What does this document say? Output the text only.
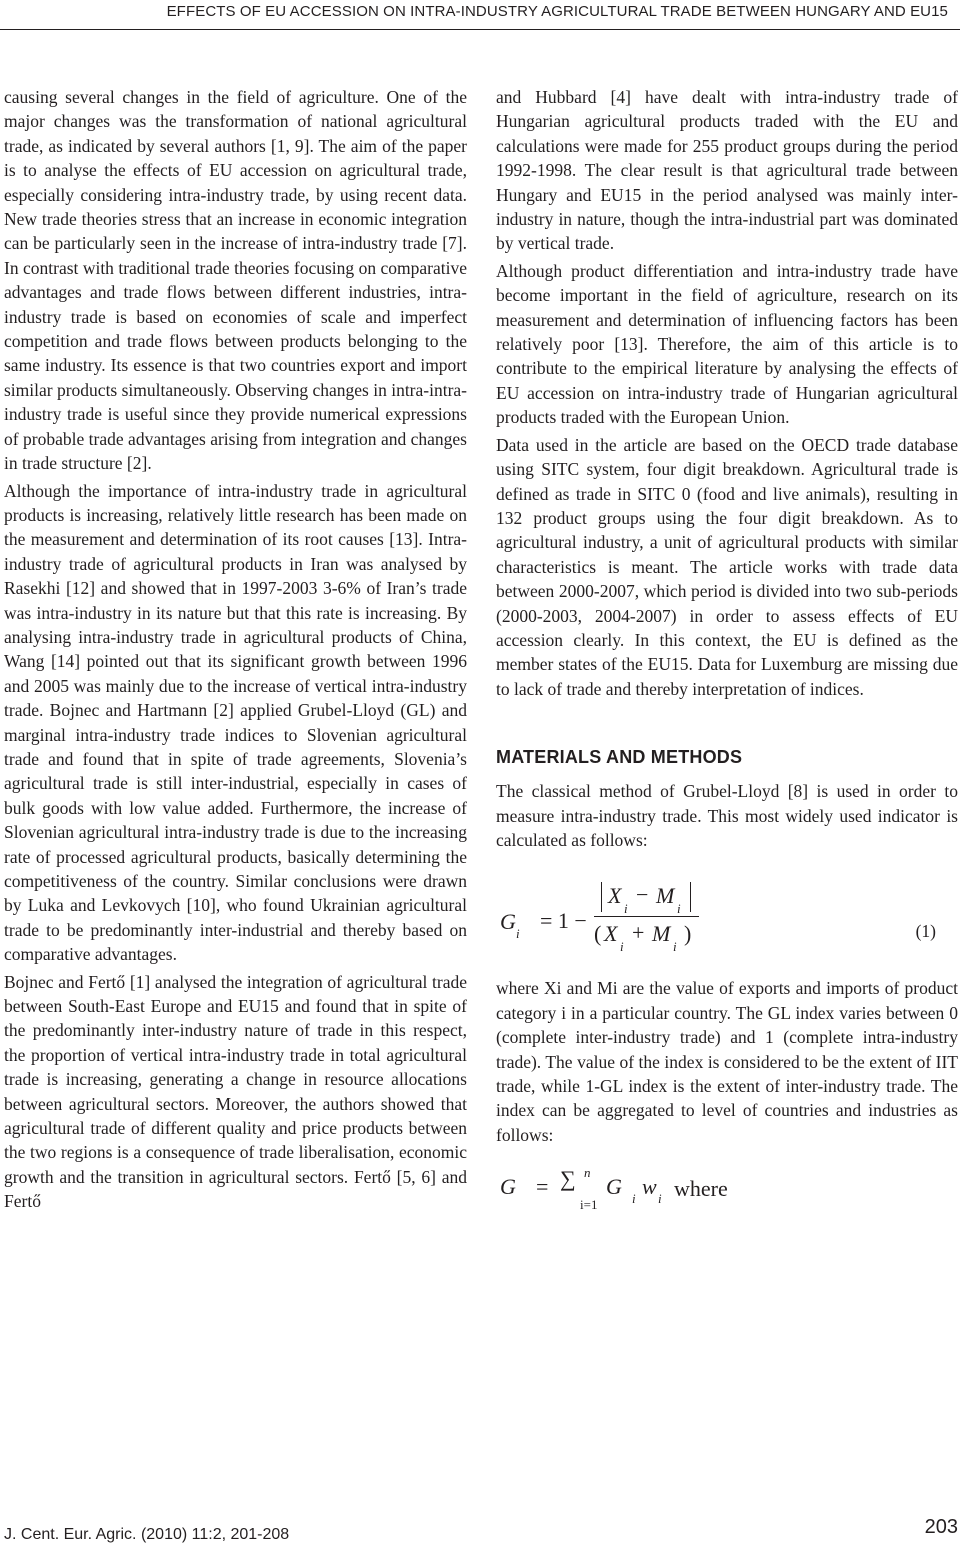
EFFECTS OF EU ACCESSION ON INTRA-INDUSTRY AGRICULTURAL TRADE BETWEEN HUNGARY AND EU15

causing several changes in the field of agriculture. One of the major changes was the transformation of national agricultural trade, as indicated by several authors [1, 9]. The aim of the paper is to analyse the effects of EU accession on agricultural trade, especially considering intra-industry trade, by using recent data. New trade theories stress that an increase in economic integration can be particularly seen in the increase of intra-industry trade [7]. In contrast with traditional trade theories focusing on comparative advantages and trade flows between different industries, intra-industry trade is based on economies of scale and imperfect competition and trade flows between products belonging to the same industry. Its essence is that two countries export and import similar products simultaneously. Observing changes in intra-intra-industry trade is useful since they provide numerical expressions of probable trade advantages arising from integration and changes in trade structure [2].

Although the importance of intra-industry trade in agricultural products is increasing, relatively little research has been made on the measurement and determination of its root causes [13]. Intra-industry trade of agricultural products in Iran was analysed by Rasekhi [12] and showed that in 1997-2003 3-6% of Iran’s trade was intra-industry in its nature but that this rate is increasing. By analysing intra-industry trade in agricultural products of China, Wang [14] pointed out that its significant growth between 1996 and 2005 was mainly due to the increase of vertical intra-industry trade. Bojnec and Hartmann [2] applied Grubel-Lloyd (GL) and marginal intra-industry trade indices to Slovenian agricultural trade and found that in spite of trade agreements, Slovenia’s agricultural trade is still inter-industrial, especially in cases of bulk goods with low value added. Furthermore, the increase of Slovenian agricultural intra-industry trade is due to the increasing rate of processed agricultural products, basically determining the competitiveness of the country. Similar conclusions were drawn by Luka and Levkovych [10], who found Ukrainian agricultural trade to be predominantly inter-industrial and thereby based on comparative advantages.

Bojnec and Fertő [1] analysed the integration of agricultural trade between South-East Europe and EU15 and found that in spite of the predominantly inter-industry nature of trade in this respect, the proportion of vertical intra-industry trade in total agricultural trade is increasing, generating a change in resource allocations between agricultural sectors. Moreover, the authors showed that agricultural trade of different quality and price products between the two regions is a consequence of trade liberalisation, economic growth and the transition in agricultural sectors. Fertő [5, 6] and Fertő

and Hubbard [4] have dealt with intra-industry trade of Hungarian agricultural products traded with the EU and calculations were made for 255 product groups during the period 1992-1998. The clear result is that agricultural trade between Hungary and EU15 in the period analysed was mainly inter-industry in nature, though the intra-industrial part was dominated by vertical trade.

Although product differentiation and intra-industry trade have become important in the field of agriculture, research on its measurement and determination of influencing factors has been relatively poor [13]. Therefore, the aim of this article is to contribute to the empirical literature by analysing the effects of EU accession on intra-industry trade of Hungarian agricultural products traded with the European Union.

Data used in the article are based on the OECD trade database using SITC system, four digit breakdown. Agricultural trade is defined as trade in SITC 0 (food and live animals), resulting in 132 product groups using the four digit breakdown. As to agricultural industry, a unit of agricultural products with similar characteristics is meant. The article works with trade data between 2000-2007, which period is divided into two sub-periods (2000-2003, 2004-2007) in order to assess effects of EU accession clearly. In this context, the EU is defined as the member states of the EU15. Data for Luxemburg are missing due to lack of trade and thereby interpretation of indices.

MATERIALS AND METHODS

The classical method of Grubel-Lloyd [8] is used in order to measure intra-industry trade. This most widely used indicator is calculated as follows:

G i
= 1 −
X
i
− M
i
( X
i
+ M
i
)	(1)

where Xi and Mi are the value of exports and imports of product category i in a particular country. The GL index varies between 0 (complete inter-industry trade) and 1 (complete intra-industry trade). The value of the index is considered to be the extent of IIT trade, while 1-GL index is the extent of inter-industry trade. The index can be aggregated to level of countries and industries as follows:

G = ∑ n
i=1
G i w i where
J. Cent. Eur. Agric. (2010) 11:2, 201-208	203
